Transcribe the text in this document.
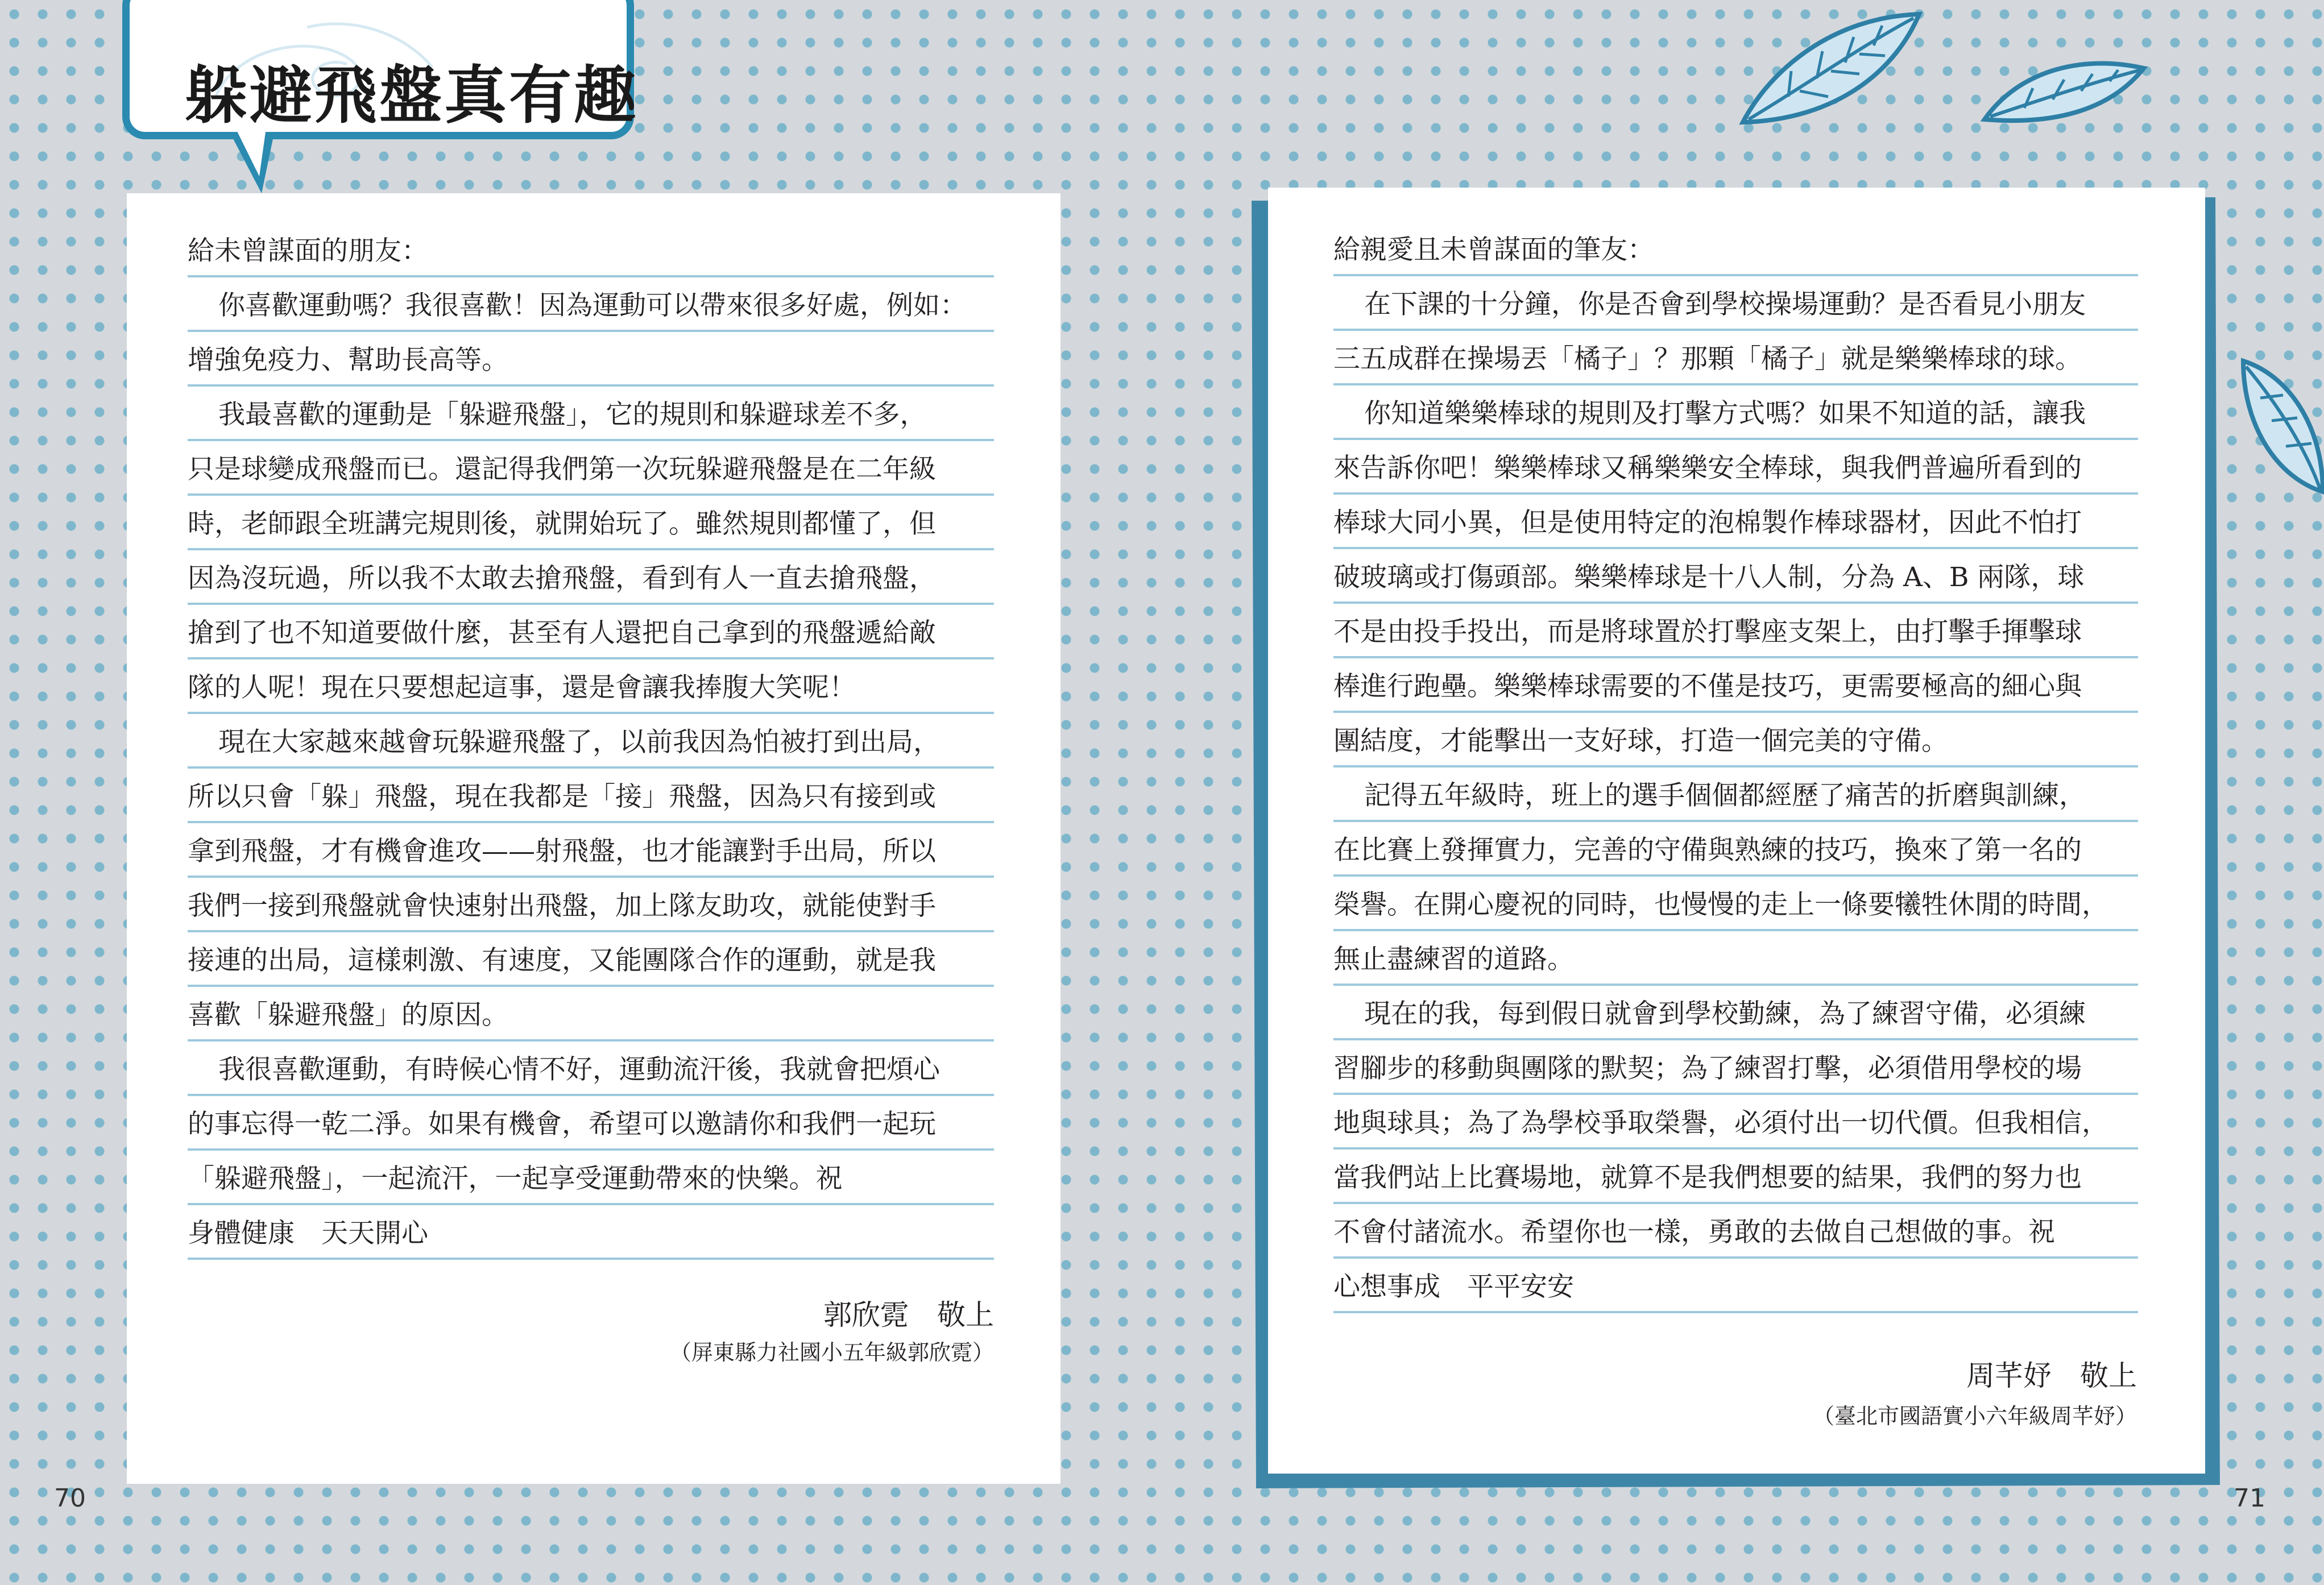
躲避飛盤真有趣
給未曾謀面的朋友：
你喜歡運動嗎？我很喜歡！因為運動可以帶來很多好處，例如：
增強免疫力、幫助長高等。
我最喜歡的運動是「躲避飛盤」，它的規則和躲避球差不多，
只是球變成飛盤而已。還記得我們第一次玩躲避飛盤是在二年級
時，老師跟全班講完規則後，就開始玩了。雖然規則都懂了，但
因為沒玩過，所以我不太敢去搶飛盤，看到有人一直去搶飛盤，
搶到了也不知道要做什麼，甚至有人還把自己拿到的飛盤遞給敵
隊的人呢！現在只要想起這事，還是會讓我捧腹大笑呢！
現在大家越來越會玩躲避飛盤了，以前我因為怕被打到出局，
所以只會「躲」飛盤，現在我都是「接」飛盤，因為只有接到或
拿到飛盤，才有機會進攻——射飛盤，也才能讓對手出局，所以
我們一接到飛盤就會快速射出飛盤，加上隊友助攻，就能使對手
接連的出局，這樣刺激、有速度，又能團隊合作的運動，就是我
喜歡「躲避飛盤」的原因。
我很喜歡運動，有時候心情不好，運動流汗後，我就會把煩心
的事忘得一乾二淨。如果有機會，希望可以邀請你和我們一起玩
「躲避飛盤」，一起流汗，一起享受運動帶來的快樂。祝
身體健康　天天開心
郭欣霓　敬上
（屏東縣力社國小五年級郭欣霓）
給親愛且未曾謀面的筆友：
在下課的十分鐘，你是否會到學校操場運動？是否看見小朋友
三五成群在操場丟「橘子」？那顆「橘子」就是樂樂棒球的球。
你知道樂樂棒球的規則及打擊方式嗎？如果不知道的話，讓我
來告訴你吧！樂樂棒球又稱樂樂安全棒球，與我們普遍所看到的
棒球大同小異，但是使用特定的泡棉製作棒球器材，因此不怕打
破玻璃或打傷頭部。樂樂棒球是十八人制，分為 A、B 兩隊，球
不是由投手投出，而是將球置於打擊座支架上，由打擊手揮擊球
棒進行跑壘。樂樂棒球需要的不僅是技巧，更需要極高的細心與
團結度，才能擊出一支好球，打造一個完美的守備。
記得五年級時，班上的選手個個都經歷了痛苦的折磨與訓練，
在比賽上發揮實力，完善的守備與熟練的技巧，換來了第一名的
榮譽。在開心慶祝的同時，也慢慢的走上一條要犧牲休閒的時間，
無止盡練習的道路。
現在的我，每到假日就會到學校勤練，為了練習守備，必須練
習腳步的移動與團隊的默契；為了練習打擊，必須借用學校的場
地與球具；為了為學校爭取榮譽，必須付出一切代價。但我相信，
當我們站上比賽場地，就算不是我們想要的結果，我們的努力也
不會付諸流水。希望你也一樣，勇敢的去做自己想做的事。祝
心想事成　平平安安
周芊妤　敬上
（臺北市國語實小六年級周芊妤）
70	71
